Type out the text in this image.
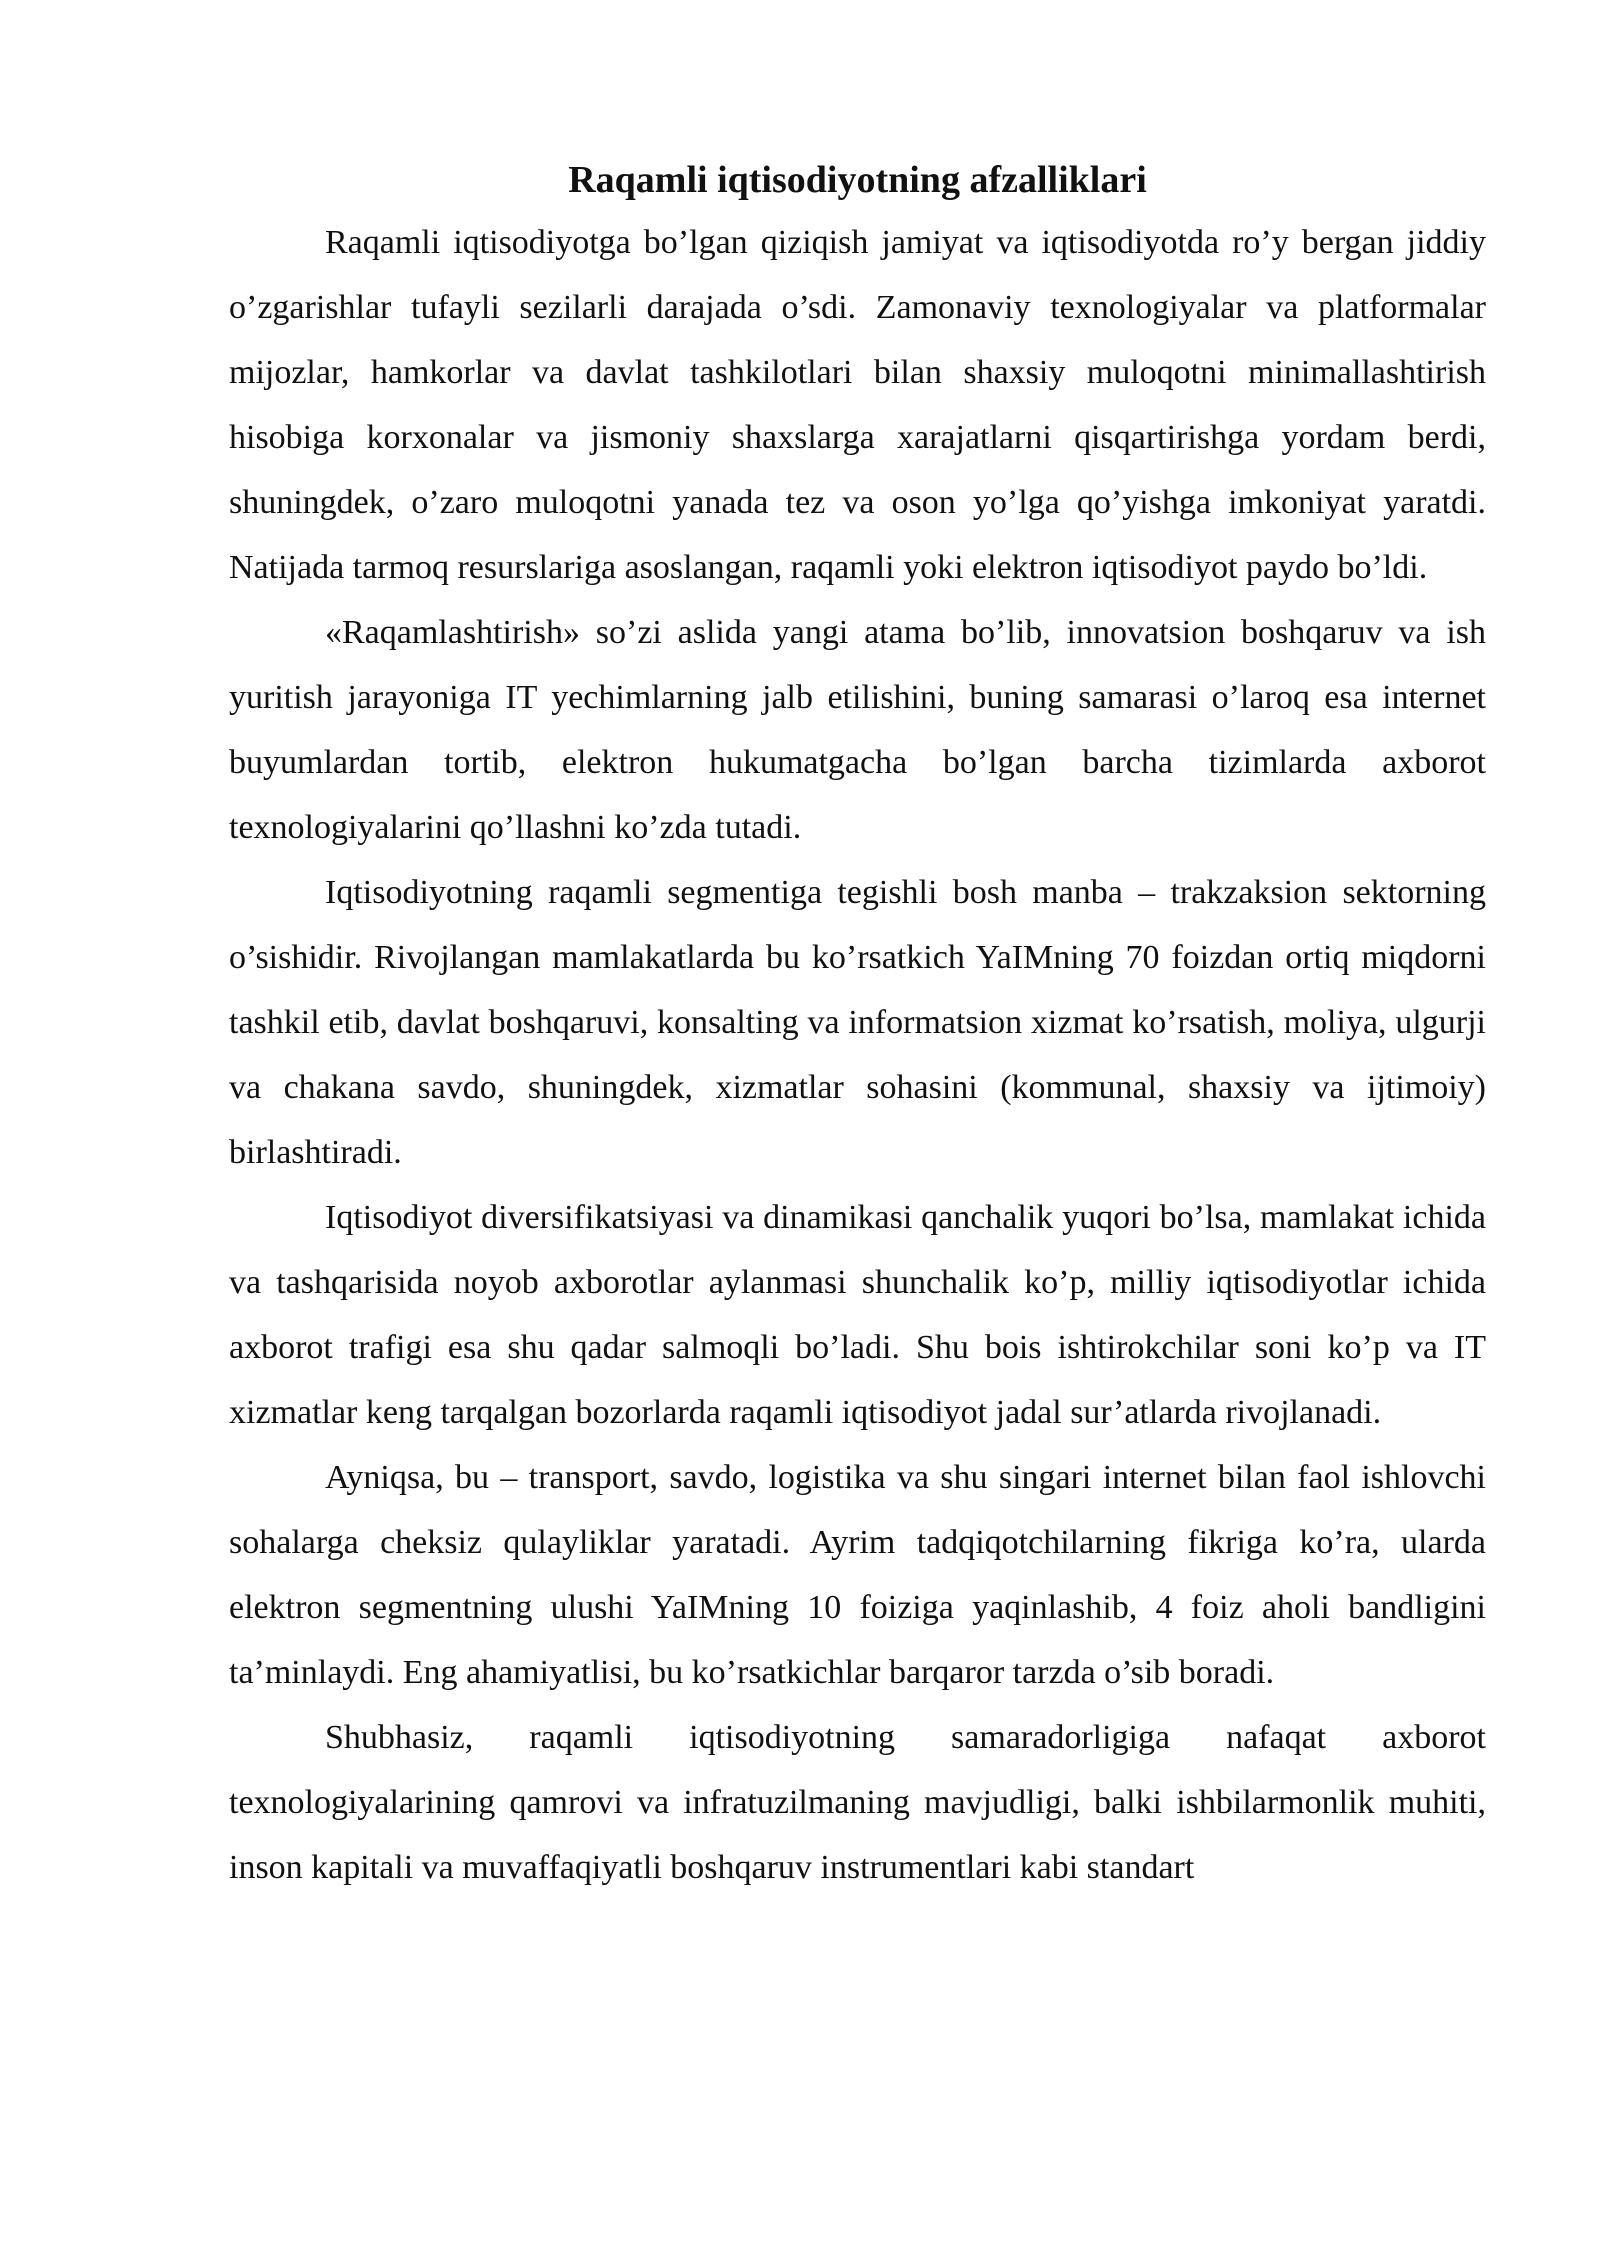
Raqamli iqtisodiyotning afzalliklari

Raqamli iqtisodiyotga bo’lgan qiziqish jamiyat va iqtisodiyotda ro’y bergan jiddiy o’zgarishlar tufayli sezilarli darajada o’sdi. Zamonaviy texnologiyalar va platformalar mijozlar, hamkorlar va davlat tashkilotlari bilan shaxsiy muloqotni minimallashtirish hisobiga korxonalar va jismoniy shaxslarga xarajatlarni qisqartirishga yordam berdi, shuningdek, o’zaro muloqotni yanada tez va oson yo’lga qo’yishga imkoniyat yaratdi. Natijada tarmoq resurslariga asoslangan, raqamli yoki elektron iqtisodiyot paydo bo’ldi.

«Raqamlashtirish» so’zi aslida yangi atama bo’lib, innovatsion boshqaruv va ish yuritish jarayoniga IT yechimlarning jalb etilishini, buning samarasi o’laroq esa internet buyumlardan tortib, elektron hukumatgacha bo’lgan barcha tizimlarda axborot texnologiyalarini qo’llashni ko’zda tutadi.

Iqtisodiyotning raqamli segmentiga tegishli bosh manba – trakzaksion sektorning o’sishidir. Rivojlangan mamlakatlarda bu ko’rsatkich YaIMning 70 foizdan ortiq miqdorni tashkil etib, davlat boshqaruvi, konsalting va informatsion xizmat ko’rsatish, moliya, ulgurji va chakana savdo, shuningdek, xizmatlar sohasini (kommunal, shaxsiy va ijtimoiy) birlashtiradi.

Iqtisodiyot diversifikatsiyasi va dinamikasi qanchalik yuqori bo’lsa, mamlakat ichida va tashqarisida noyob axborotlar aylanmasi shunchalik ko’p, milliy iqtisodiyotlar ichida axborot trafigi esa shu qadar salmoqli bo’ladi. Shu bois ishtirokchilar soni ko’p va IT xizmatlar keng tarqalgan bozorlarda raqamli iqtisodiyot jadal sur’atlarda rivojlanadi.

Ayniqsa, bu – transport, savdo, logistika va shu singari internet bilan faol ishlovchi sohalarga cheksiz qulayliklar yaratadi. Ayrim tadqiqotchilarning fikriga ko’ra, ularda elektron segmentning ulushi YaIMning 10 foiziga yaqinlashib, 4 foiz aholi bandligini ta’minlaydi. Eng ahamiyatlisi, bu ko’rsatkichlar barqaror tarzda o’sib boradi.

Shubhasiz, raqamli iqtisodiyotning samaradorligiga nafaqat axborot texnologiyalarining qamrovi va infratuzilmaning mavjudligi, balki ishbilarmonlik muhiti, inson kapitali va muvaffaqiyatli boshqaruv instrumentlari kabi standart
